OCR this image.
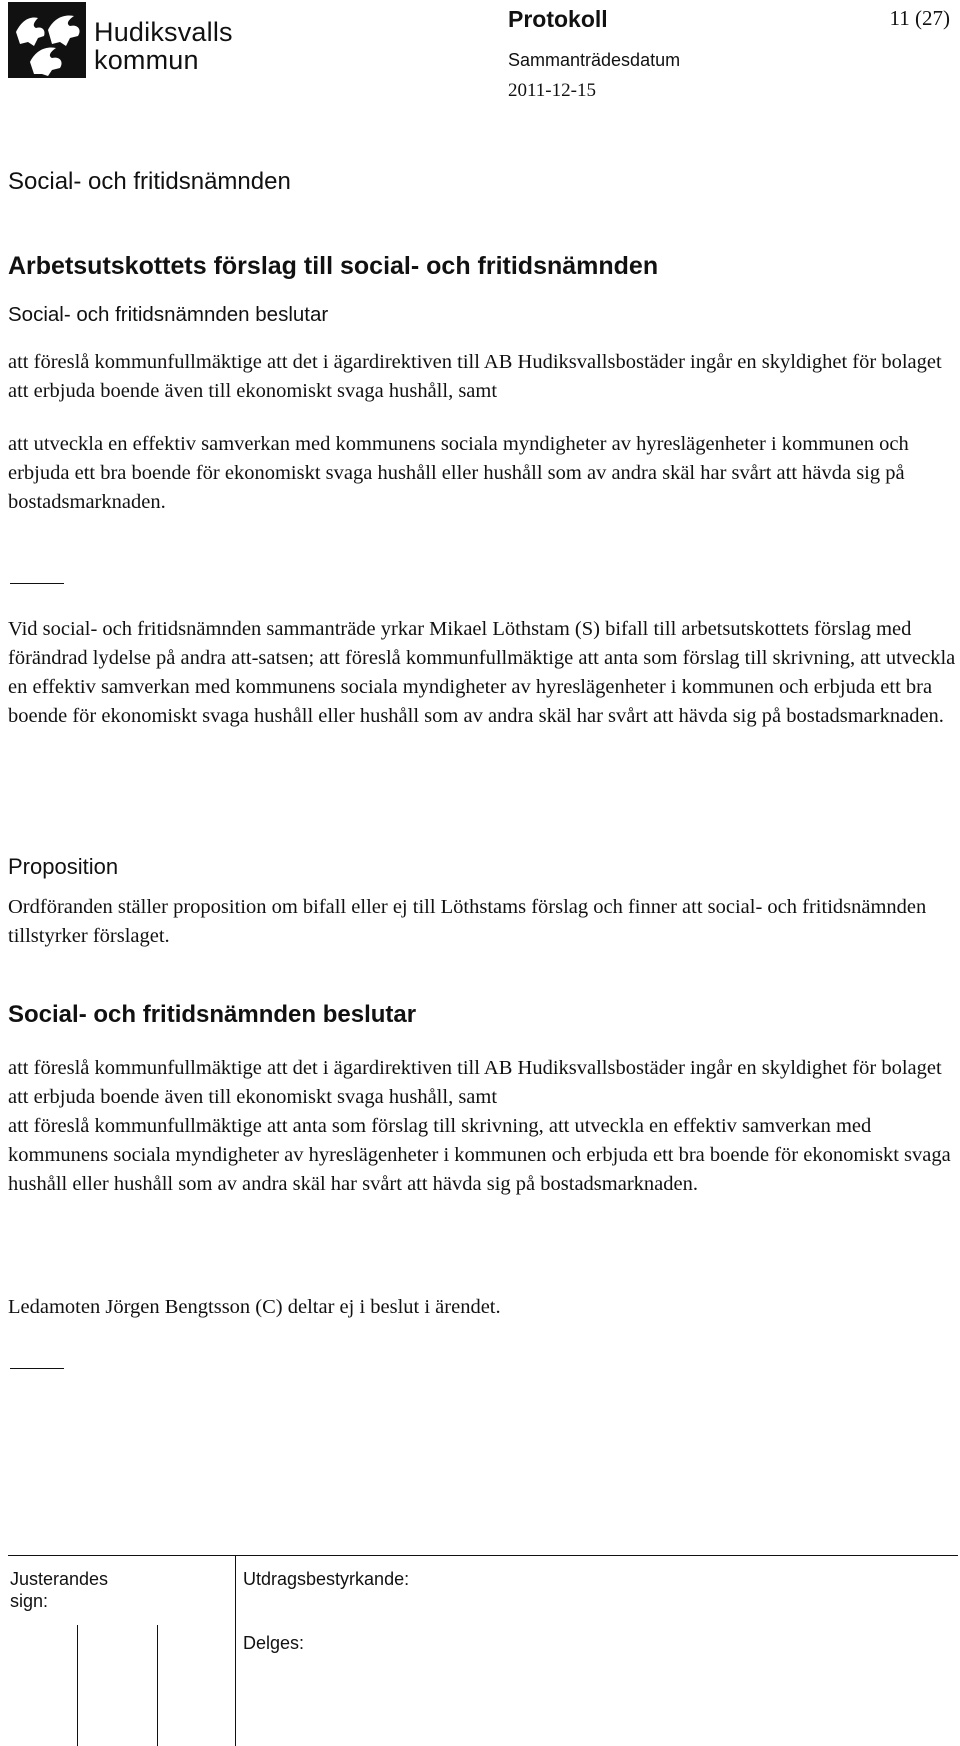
Hudiksvalls
kommun
Protokoll	11 (27)
Sammanträdesdatum
2011-12-15
Social- och fritidsnämnden
Arbetsutskottets förslag till social- och fritidsnämnden
Social- och fritidsnämnden beslutar
att föreslå kommunfullmäktige att det i ägardirektiven till AB Hudiksvallsbostäder ingår en skyldighet för bolaget att erbjuda boende även till ekonomiskt svaga hushåll, samt
att utveckla en effektiv samverkan med kommunens sociala myndigheter av hyreslägenheter i kommunen och erbjuda ett bra boende för ekonomiskt svaga hushåll eller hushåll som av andra skäl har svårt att hävda sig på bostadsmarknaden.
Vid social- och fritidsnämnden sammanträde yrkar Mikael Löthstam (S) bifall till arbetsutskottets förslag med förändrad lydelse på andra att-satsen; att föreslå kommunfullmäktige att anta som förslag till skrivning, att utveckla en effektiv samverkan med kommunens sociala myndigheter av hyreslägenheter i kommunen och erbjuda ett bra boende för ekonomiskt svaga hushåll eller hushåll som av andra skäl har svårt att hävda sig på bostadsmarknaden.
Proposition
Ordföranden ställer proposition om bifall eller ej till Löthstams förslag och finner att social- och fritidsnämnden tillstyrker förslaget.
Social- och fritidsnämnden beslutar
att föreslå kommunfullmäktige att det i ägardirektiven till AB Hudiksvallsbostäder ingår en skyldighet för bolaget att erbjuda boende även till ekonomiskt svaga hushåll, samt
att föreslå kommunfullmäktige att anta som förslag till skrivning, att utveckla en effektiv samverkan med kommunens sociala myndigheter av hyreslägenheter i kommunen och erbjuda ett bra boende för ekonomiskt svaga hushåll eller hushåll som av andra skäl har svårt att hävda sig på bostadsmarknaden.
Ledamoten Jörgen Bengtsson (C) deltar ej i beslut i ärendet.
Justerandes
sign:
Utdragsbestyrkande:
Delges:
